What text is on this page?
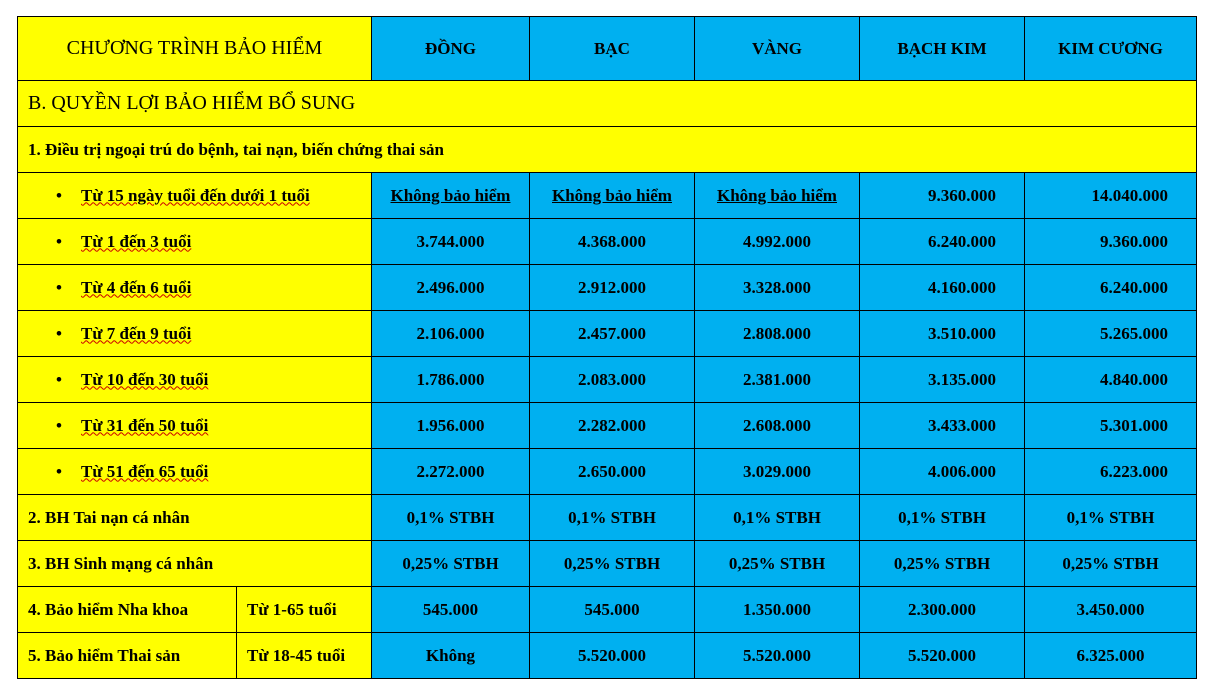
CHƯƠNG TRÌNH BẢO HIỂM		ĐỒNG	BẠC	VÀNG	BẠCH KIM	KIM CƯƠNG
B. QUYỀN LỢI BẢO HIỂM BỔ SUNG						
1. Điều trị ngoại trú do bệnh, tai nạn, biến chứng thai sản						
• Từ 15 ngày tuổi đến dưới 1 tuổi		Không bảo hiểm	Không bảo hiểm	Không bảo hiểm	9.360.000	14.040.000
• Từ 1 đến 3 tuổi		3.744.000	4.368.000	4.992.000	6.240.000	9.360.000
• Từ 4 đến 6 tuổi		2.496.000	2.912.000	3.328.000	4.160.000	6.240.000
• Từ 7 đến 9 tuổi		2.106.000	2.457.000	2.808.000	3.510.000	5.265.000
• Từ 10 đến 30 tuổi		1.786.000	2.083.000	2.381.000	3.135.000	4.840.000
• Từ 31 đến 50 tuổi		1.956.000	2.282.000	2.608.000	3.433.000	5.301.000
• Từ 51 đến 65 tuổi		2.272.000	2.650.000	3.029.000	4.006.000	6.223.000
2. BH Tai nạn cá nhân		0,1% STBH	0,1% STBH	0,1% STBH	0,1% STBH	0,1% STBH
3. BH Sinh mạng cá nhân		0,25% STBH	0,25% STBH	0,25% STBH	0,25% STBH	0,25% STBH
4. Bảo hiểm Nha khoa	Từ 1-65 tuổi	545.000	545.000	1.350.000	2.300.000	3.450.000
5. Bảo hiểm Thai sản	Từ 18-45 tuổi	Không	5.520.000	5.520.000	5.520.000	6.325.000
